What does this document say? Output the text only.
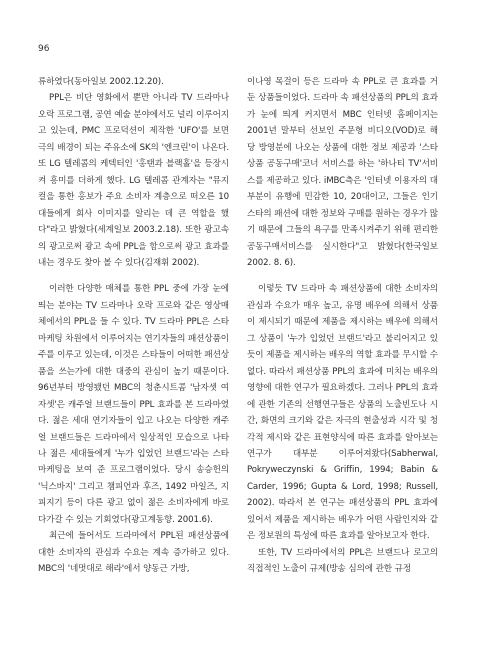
96

류하였다(동아일보 2002.12.20).

PPL은 비단 영화에서 뿐만 아니라 TV 드라마나 오락 프로그램, 공연 예술 분야에서도 널리 이루어지고 있는데, PMC 프로덕션이 제작한 'UFO'를 보면 극의 배경이 되는 주유소에 SK의 '엔크린'이 나온다. 또 LG 텔레콤의 케텍터인 '홍탠과 블랙홀'을 등장시켜 흥미를 더하게 했다. LG 텔레콤 관계자는 "뮤지컬을 통한 홍보가 주요 소비자 계층으로 떠오른 10대들에게 회사 이미지를 알리는 데 큰 역할을 했다"라고 밝혔다(세계일보 2003.2.18). 또한 광고속의 광고로써 광고 속에 PPL을 함으로써 광고 효과를 내는 경우도 찾아 볼 수 있다(김재휘 2002).

이러한 다양한 매체를 통한 PPL 중에 가장 눈에 띄는 분야는 TV 드라마나 오락 프로와 같은 영상매체에서의 PPL을 들 수 있다. TV 드라마 PPL은 스타마케팅 차원에서 이루어지는 연기자들의 패션상품이 주를 이루고 있는데, 이것은 스타들이 어떠한 패션상품을 쓰는가에 대한 대중의 관심이 높기 때문이다. 96년부터 방영됐던 MBC의 청춘시트콤 '남자셋 여자셋'은 캐주얼 브랜드들이 PPL 효과를 본 드라마였다. 젊은 세대 연기자들이 입고 나오는 다양한 캐주얼 브랜드들은 드라마에서 일상적인 모습으로 나타나 젊은 세대들에게 '누가 입었던 브랜드'라는 스타마케팅을 보여 준 프로그램이었다. 당시 송승헌의 '닉스바지' 그리고 챔피언과 후즈, 1492 마일즈, 지피지기 등이 다른 광고 없이 젊은 소비자에게 바로 다가갈 수 있는 기회였다(광고계동향. 2001.6).

최근에 들어서도 드라마에서 PPL된 패션상품에 대한 소비자의 관심과 수요는 계속 증가하고 있다. MBC의 '네멋대로 해라'에서 양동근 가방,

이나영 목걸이 등은 드라마 속 PPL로 큰 효과를 거둔 상품들이었다. 드라마 속 패션상품의 PPL의 효과가 눈에 띄게 커지면서 MBC 인터넷 홈페이지는 2001년 말부터 선보인 주문형 비디오(VOD)로 해당 방영분에 나오는 상품에 대한 정보 제공과 '스타상품 공동구매'코너 서비스를 하는 '하나티 TV'서비스를 제공하고 있다. iMBC측은 '인터넷 이용자의 대부분이 유행에 민감한 10, 20대이고, 그들은 인기 스타의 패션에 대한 정보와 구매를 원하는 경우가 많기 때문에 그들의 욕구를 만족시켜주기 위해 편리한 공동구매서비스를 실시한다"고 밝혔다(한국일보 2002. 8. 6).

이렇듯 TV 드라마 속 패션상품에 대한 소비자의 관심과 수요가 매우 높고, 유명 배우에 의해서 상품이 제시되기 때문에 제품을 제시하는 배우에 의해서 그 상품이 '누가 입었던 브랜드'라고 불리어지고 있듯이 제품을 제시하는 배우의 역할 효과를 무시할 수 없다. 따라서 패션상품 PPL의 효과에 미치는 배우의 영향에 대한 연구가 필요하겠다. 그러나 PPL의 효과에 관한 기존의 선행연구들은 상품의 노출빈도나 시간, 화면의 크기와 같은 자극의 현출성과 시각 및 청각적 제시와 같은 표현양식에 따른 효과를 알아보는 연구가 대부분 이루어져왔다(Sabherwal, Pokryweczynski & Griffin, 1994; Babin & Carder, 1996; Gupta & Lord, 1998; Russell, 2002). 따라서 본 연구는 패션상품의 PPL 효과에 있어서 제품을 제시하는 배우가 어떤 사람인지와 같은 정보원의 특성에 따른 효과를 알아보고자 한다.

또한, TV 드라마에서의 PPL은 브랜드나 로고의 직접적인 노출이 규제(방송 심의에 관한 규정
